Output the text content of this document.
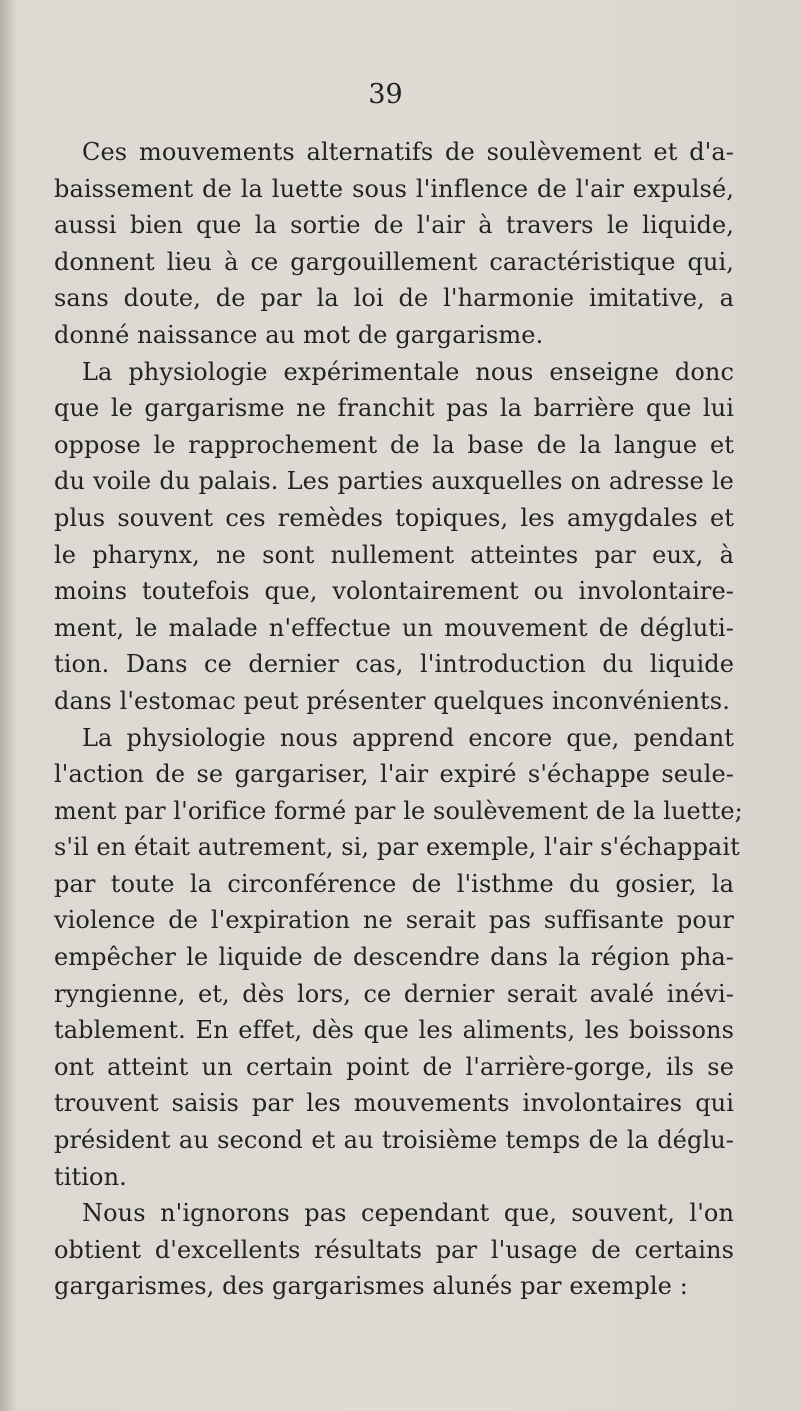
39
Ces mouvements alternatifs de soulèvement et d'a-
baissement de la luette sous l'inflence de l'air expulsé,
aussi bien que la sortie de l'air à travers le liquide,
donnent lieu à ce gargouillement caractéristique qui,
sans doute, de par la loi de l'harmonie imitative, a
donné naissance au mot de gargarisme.
La physiologie expérimentale nous enseigne donc
que le gargarisme ne franchit pas la barrière que lui
oppose le rapprochement de la base de la langue et
du voile du palais. Les parties auxquelles on adresse le
plus souvent ces remèdes topiques, les amygdales et
le pharynx, ne sont nullement atteintes par eux, à
moins toutefois que, volontairement ou involontaire-
ment, le malade n'effectue un mouvement de dégluti-
tion. Dans ce dernier cas, l'introduction du liquide
dans l'estomac peut présenter quelques inconvénients.
La physiologie nous apprend encore que, pendant
l'action de se gargariser, l'air expiré s'échappe seule-
ment par l'orifice formé par le soulèvement de la luette;
s'il en était autrement, si, par exemple, l'air s'échappait
par toute la circonférence de l'isthme du gosier, la
violence de l'expiration ne serait pas suffisante pour
empêcher le liquide de descendre dans la région pha-
ryngienne, et, dès lors, ce dernier serait avalé inévi-
tablement. En effet, dès que les aliments, les boissons
ont atteint un certain point de l'arrière-gorge, ils se
trouvent saisis par les mouvements involontaires qui
président au second et au troisième temps de la déglu-
tition.
Nous n'ignorons pas cependant que, souvent, l'on
obtient d'excellents résultats par l'usage de certains
gargarismes, des gargarismes alunés par exemple :
